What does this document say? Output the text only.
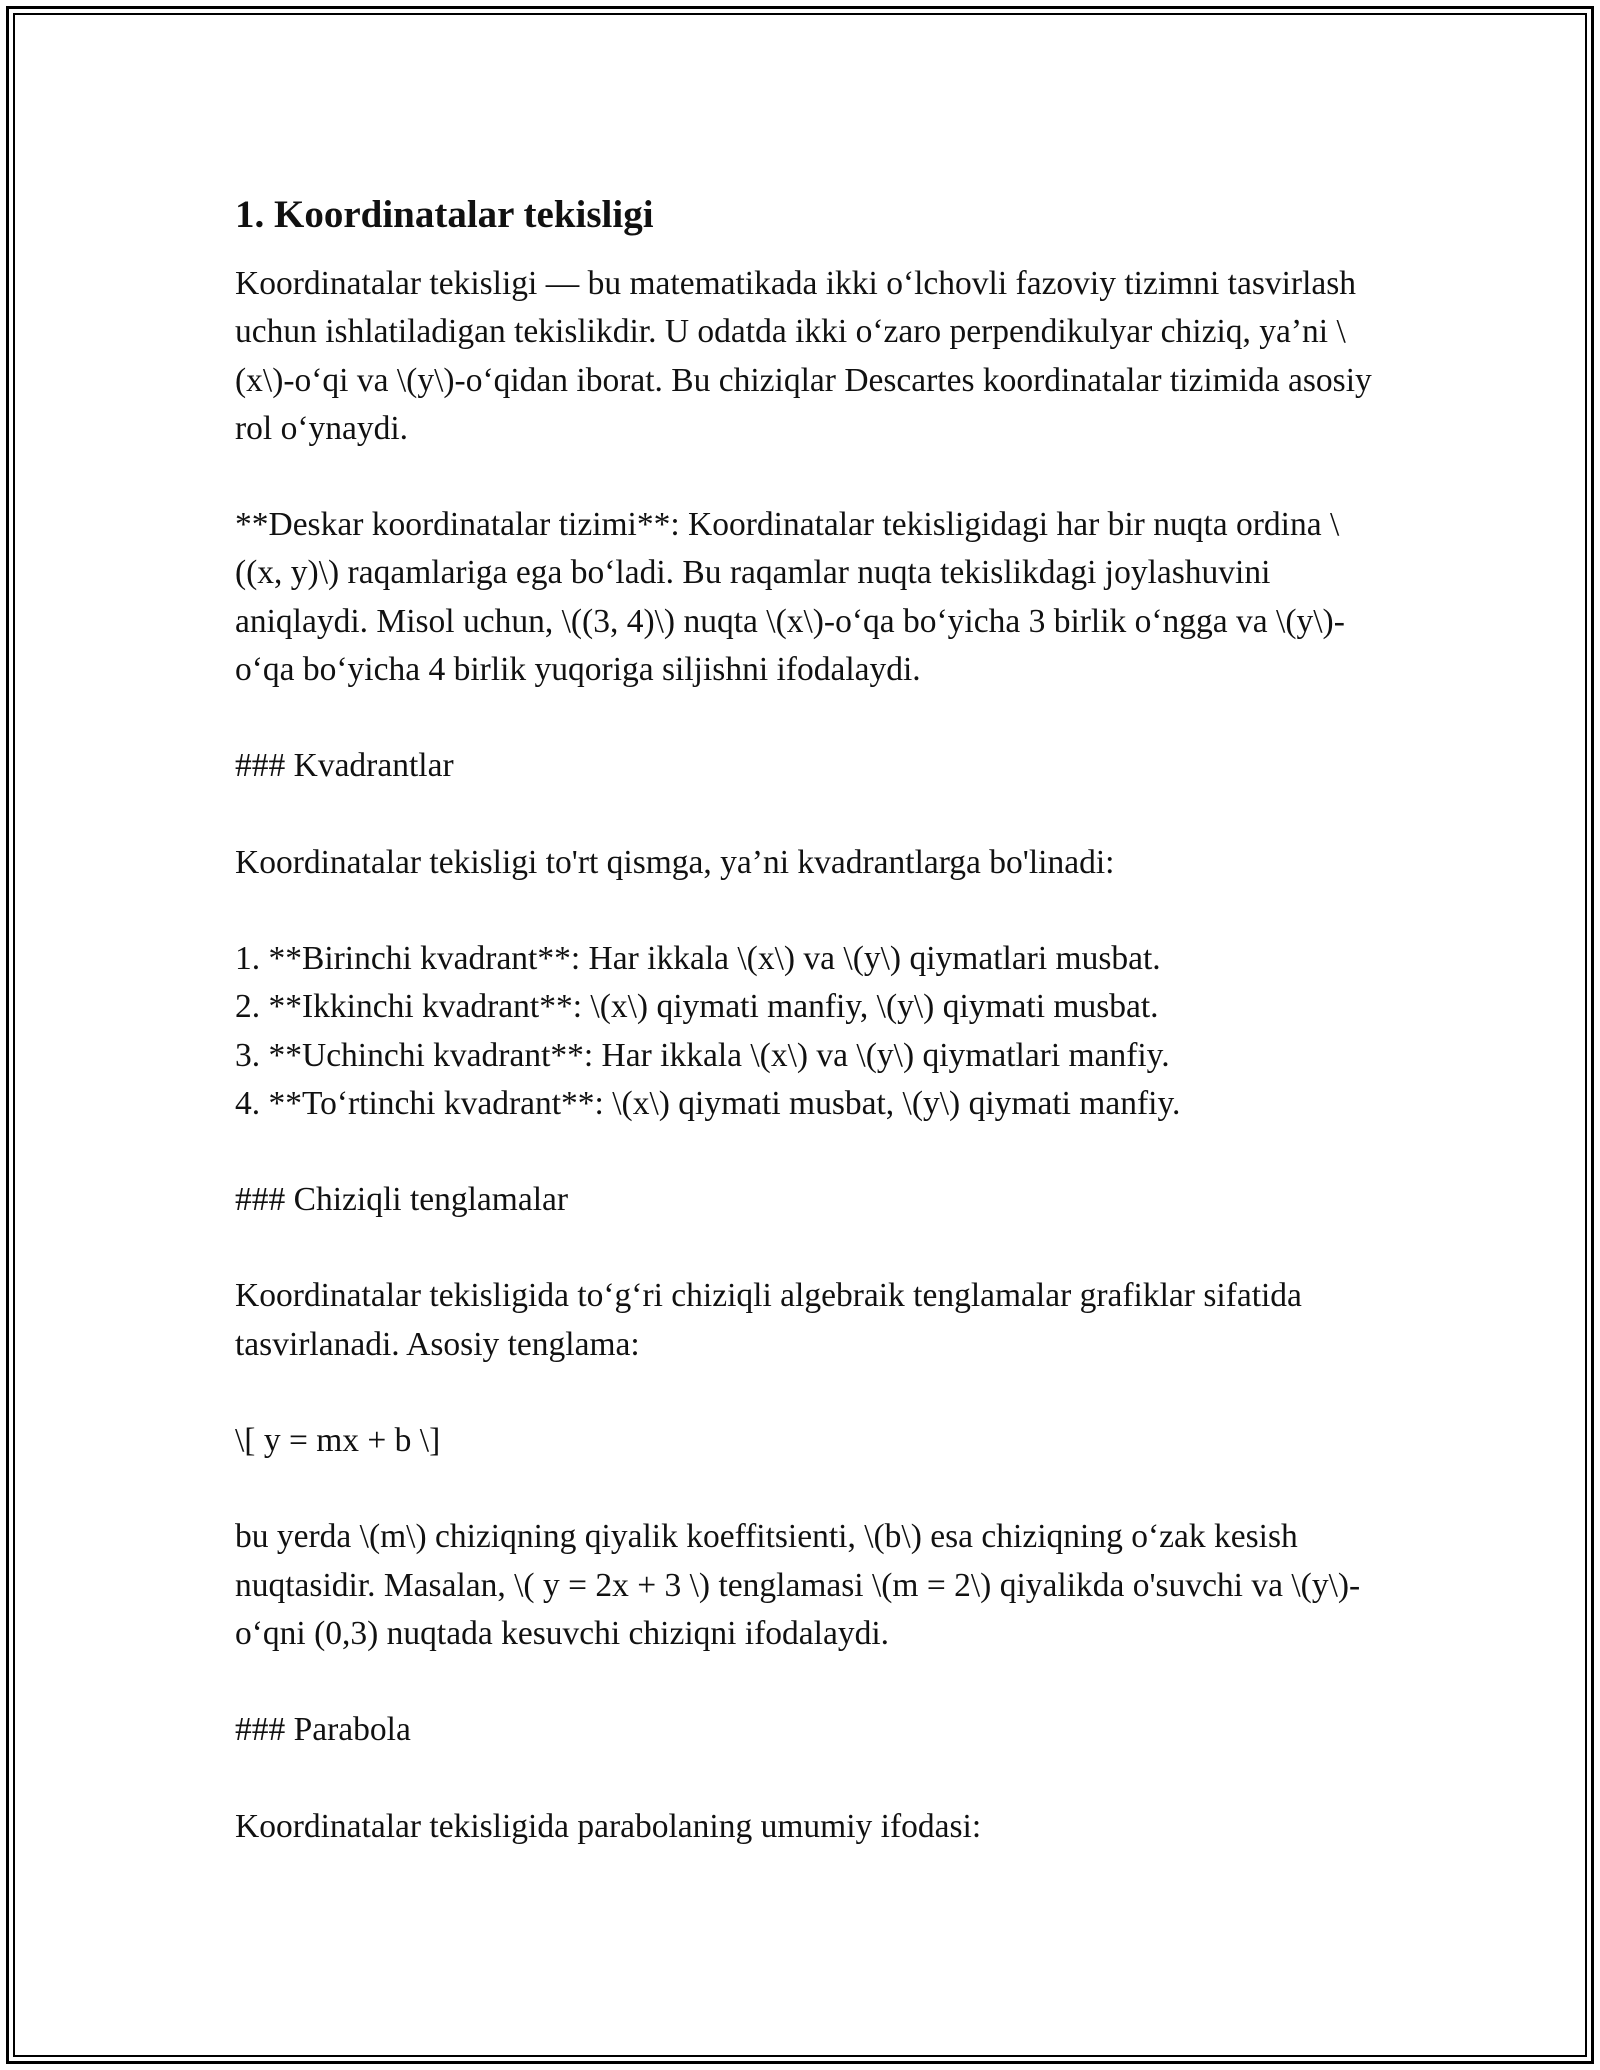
1. Koordinatalar tekisligi

Koordinatalar tekisligi — bu matematikada ikki o‘lchovli fazoviy tizimni tasvirlash uchun ishlatiladigan tekislikdir. U odatda ikki o‘zaro perpendikulyar chiziq, ya’ni \(x\)-o‘qi va \(y\)-o‘qidan iborat. Bu chiziqlar Descartes koordinatalar tizimida asosiy rol o‘ynaydi.

**Deskar koordinatalar tizimi**: Koordinatalar tekisligidagi har bir nuqta ordina \((x, y)\) raqamlariga ega bo‘ladi. Bu raqamlar nuqta tekislikdagi joylashuvini aniqlaydi. Misol uchun, \((3, 4)\) nuqta \(x\)-o‘qa bo‘yicha 3 birlik o‘ngga va \(y\)-o‘qa bo‘yicha 4 birlik yuqoriga siljishni ifodalaydi.

### Kvadrantlar

Koordinatalar tekisligi to'rt qismga, ya’ni kvadrantlarga bo'linadi:

1. **Birinchi kvadrant**: Har ikkala \(x\) va \(y\) qiymatlari musbat.
2. **Ikkinchi kvadrant**: \(x\) qiymati manfiy, \(y\) qiymati musbat.
3. **Uchinchi kvadrant**: Har ikkala \(x\) va \(y\) qiymatlari manfiy.
4. **To‘rtinchi kvadrant**: \(x\) qiymati musbat, \(y\) qiymati manfiy.

### Chiziqli tenglamalar

Koordinatalar tekisligida to‘g‘ri chiziqli algebraik tenglamalar grafiklar sifatida tasvirlanadi. Asosiy tenglama:

\[ y = mx + b \]

bu yerda \(m\) chiziqning qiyalik koeffitsienti, \(b\) esa chiziqning o‘zak kesish nuqtasidir. Masalan, \( y = 2x + 3 \) tenglamasi \(m = 2\) qiyalikda o'suvchi va \(y\)-o‘qni (0,3) nuqtada kesuvchi chiziqni ifodalaydi.

### Parabola

Koordinatalar tekisligida parabolaning umumiy ifodasi:
